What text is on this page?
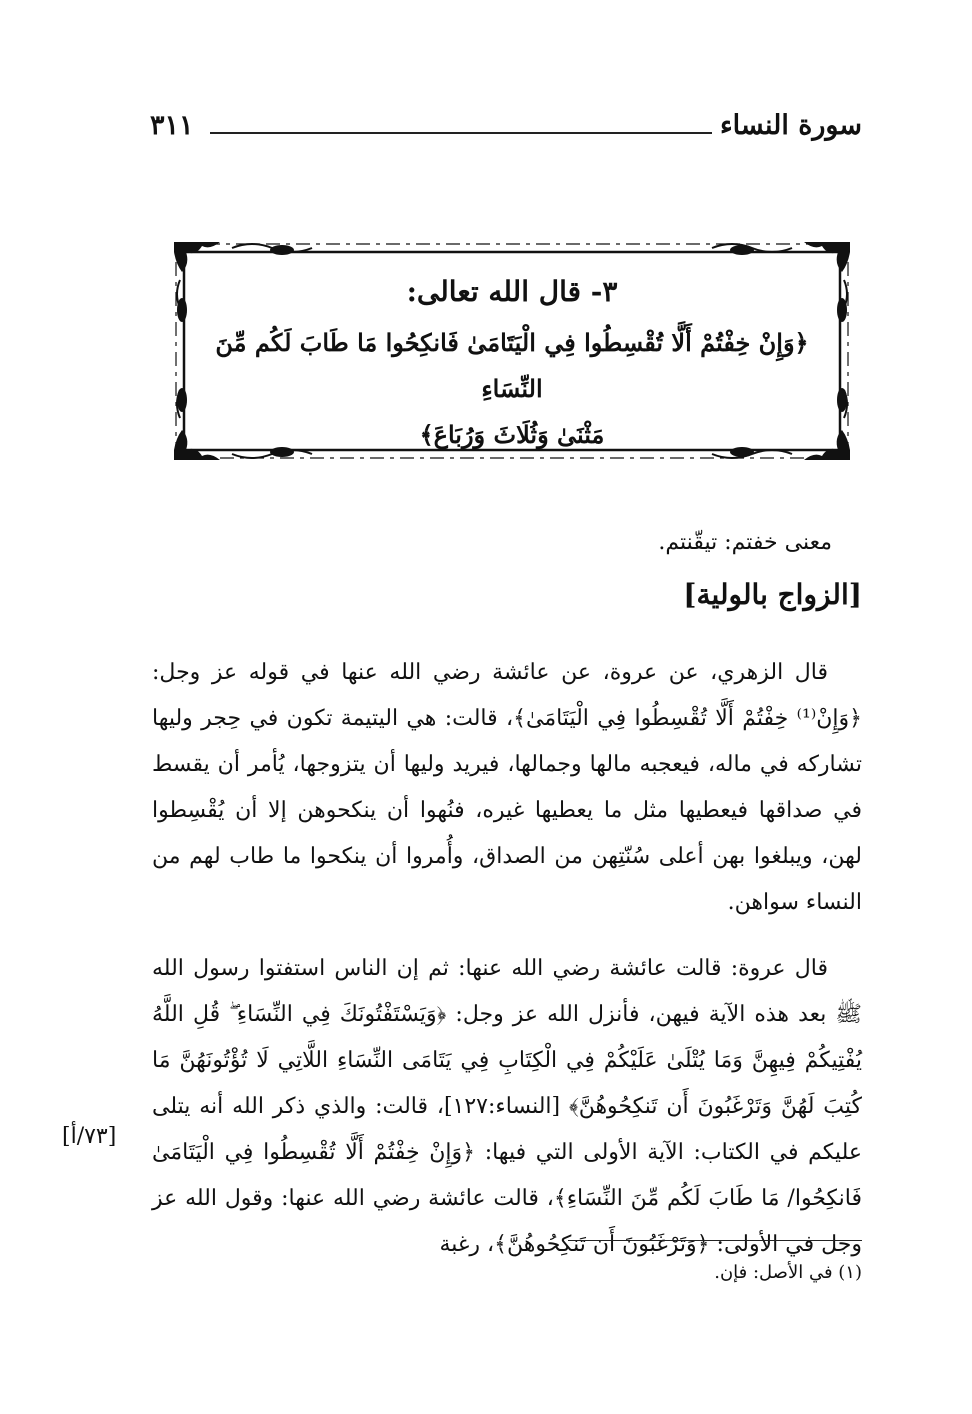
سورة النساء
٣١١

٣- قال الله تعالى:

﴿وَإِنْ خِفْتُمْ أَلَّا تُقْسِطُوا فِي الْيَتَامَىٰ فَانكِحُوا مَا طَابَ لَكُم مِّنَ النِّسَاءِ

مَثْنَىٰ وَثُلَاثَ وَرُبَاعَ﴾

معنى خفتم: تيقّنتم.

[الزواج بالولية]

قال الزهري، عن عروة، عن عائشة رضي الله عنها في قوله عز وجل: ﴿وَإِنْ⁽¹⁾ خِفْتُمْ أَلَّا تُقْسِطُوا فِي الْيَتَامَىٰ﴾، قالت: هي اليتيمة تكون في حِجر وليها تشاركه في ماله، فيعجبه مالها وجمالها، فيريد وليها أن يتزوجها، يُأمر أن يقسط في صداقها فيعطيها مثل ما يعطيها غيره، فنُهوا أن ينكحوهن إلا أن يُقْسِطوا لهن، ويبلغوا بهن أعلى سُنّتِهن من الصداق، وأُمروا أن ينكحوا ما طاب لهم من النساء سواهن.

قال عروة: قالت عائشة رضي الله عنها: ثم إن الناس استفتوا رسول الله ﷺ بعد هذه الآية فيهن، فأنزل الله عز وجل: ﴿وَيَسْتَفْتُونَكَ فِي النِّسَاءِ ۖ قُلِ اللَّهُ يُفْتِيكُمْ فِيهِنَّ وَمَا يُتْلَىٰ عَلَيْكُمْ فِي الْكِتَابِ فِي يَتَامَى النِّسَاءِ اللَّاتِي لَا تُؤْتُونَهُنَّ مَا كُتِبَ لَهُنَّ وَتَرْغَبُونَ أَن تَنكِحُوهُنَّ﴾ [النساء:١٢٧]، قالت: والذي ذكر الله أنه يتلى عليكم في الكتاب: الآية الأولى التي فيها: ﴿وَإِنْ خِفْتُمْ أَلَّا تُقْسِطُوا فِي الْيَتَامَىٰ فَانكِحُوا/ مَا طَابَ لَكُم مِّنَ النِّسَاءِ﴾، قالت عائشة رضي الله عنها: وقول الله عز وجل في الأولى: ﴿وَتَرْغَبُونَ أَن تَنكِحُوهُنَّ﴾، رغبة

[٧٣/أ]
(١) في الأصل: فإن.
